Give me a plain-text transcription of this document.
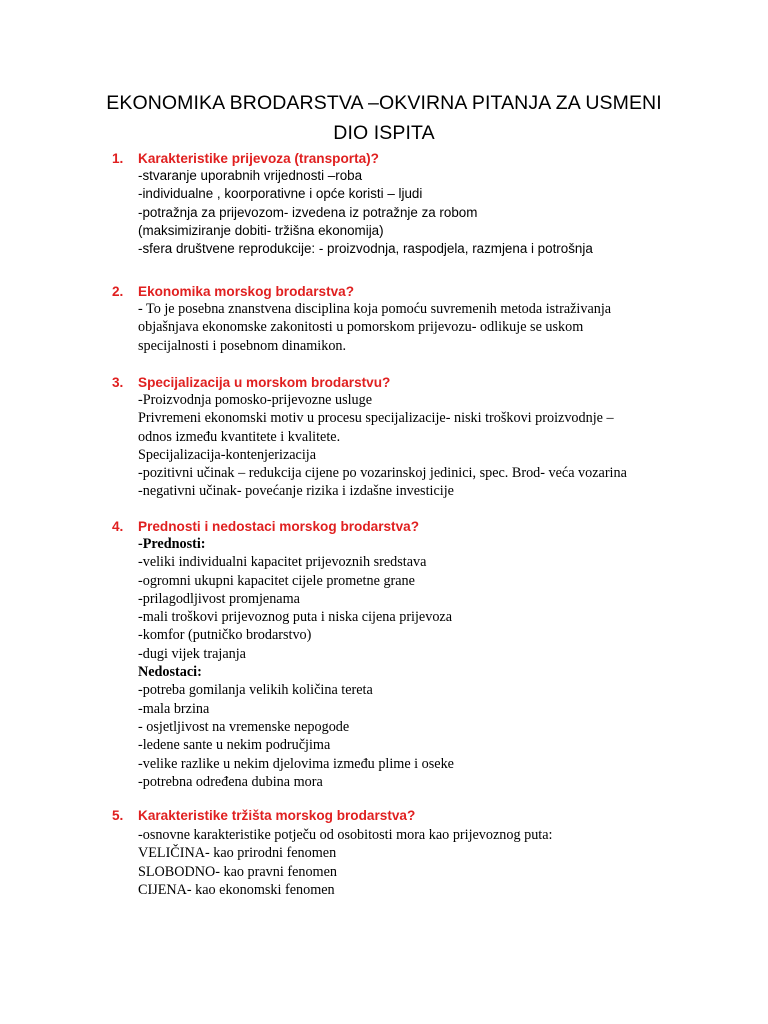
EKONOMIKA BRODARSTVA –OKVIRNA PITANJA ZA USMENI DIO ISPITA
1. Karakteristike prijevoza (transporta)?
-stvaranje uporabnih vrijednosti –roba
-individualne , koorporativne i opće koristi – ljudi
-potražnja za prijevozom- izvedena iz potražnje za robom
(maksimiziranje dobiti- tržišna ekonomija)
-sfera društvene reprodukcije: - proizvodnja, raspodjela, razmjena i potrošnja
2. Ekonomika morskog brodarstva?
- To je posebna znanstvena disciplina koja pomoću suvremenih metoda istraživanja
objašnjava ekonomske zakonitosti u pomorskom prijevozu- odlikuje se uskom
specijalnosti i posebnom dinamikon.
3. Specijalizacija u morskom brodarstvu?
-Proizvodnja pomosko-prijevozne usluge
Privremeni ekonomski motiv u procesu specijalizacije- niski troškovi proizvodnje –
odnos između kvantitete i kvalitete.
Specijalizacija-kontenjerizacija
-pozitivni učinak – redukcija cijene po vozarinskoj jedinici, spec. Brod- veća vozarina
-negativni učinak- povećanje rizika i izdašne investicije
4. Prednosti i nedostaci morskog brodarstva?
-Prednosti:
-veliki individualni kapacitet prijevoznih sredstava
-ogromni ukupni kapacitet cijele prometne grane
-prilagodljivost promjenama
-mali troškovi prijevoznog puta i niska cijena prijevoza
-komfor (putničko brodarstvo)
-dugi vijek trajanja
Nedostaci:
-potreba gomilanja velikih količina tereta
-mala brzina
- osjetljivost na vremenske nepogode
-ledene sante u nekim područjima
-velike razlike u nekim djelovima između plime i oseke
-potrebna određena dubina mora
5. Karakteristike tržišta morskog brodarstva?
-osnovne karakteristike potječu od osobitosti mora kao prijevoznog puta:
VELIČINA- kao prirodni fenomen
SLOBODNO- kao pravni fenomen
CIJENA- kao ekonomski fenomen
